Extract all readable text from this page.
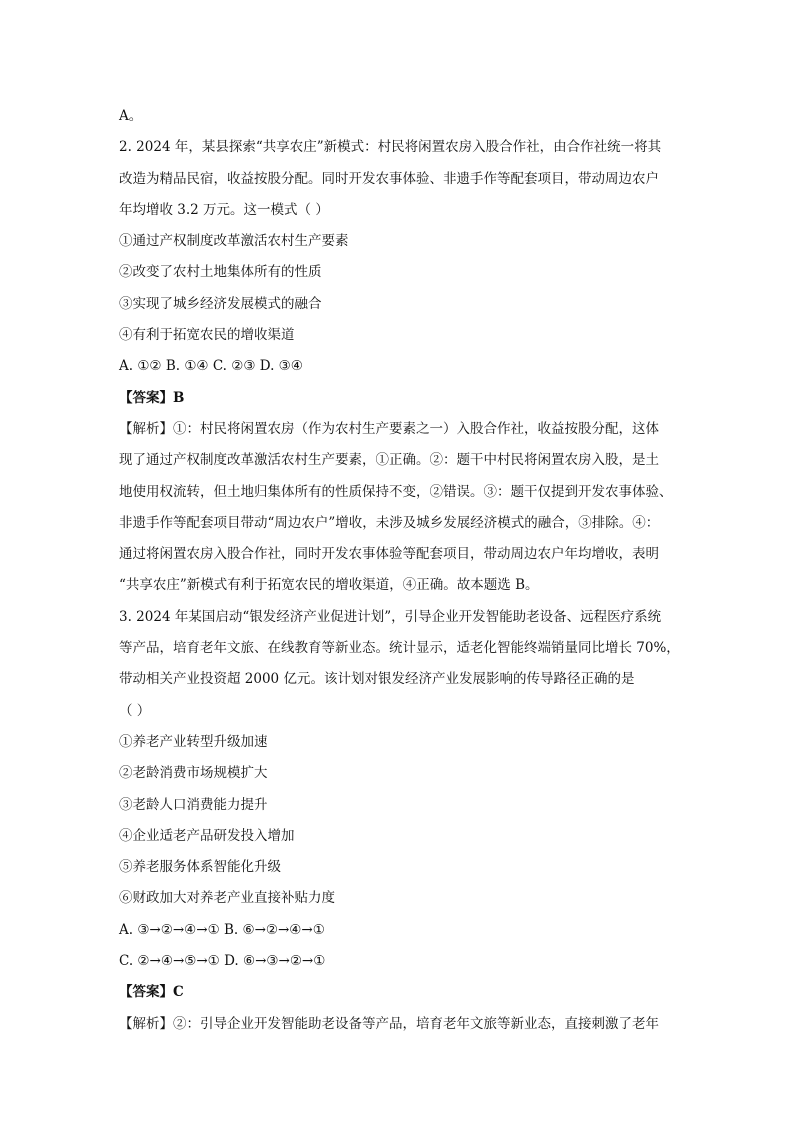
A。
2. 2024 年，某县探索“共享农庄”新模式：村民将闲置农房入股合作社，由合作社统一将其
改造为精品民宿，收益按股分配。同时开发农事体验、非遗手作等配套项目，带动周边农户
年均增收 3.2 万元。这一模式（ ）
①通过产权制度改革激活农村生产要素
②改变了农村土地集体所有的性质
③实现了城乡经济发展模式的融合
④有利于拓宽农民的增收渠道
A. ①② B. ①④ C. ②③ D. ③④
【答案】B
【解析】①：村民将闲置农房（作为农村生产要素之一）入股合作社，收益按股分配，这体
现了通过产权制度改革激活农村生产要素，①正确。②：题干中村民将闲置农房入股，是土
地使用权流转，但土地归集体所有的性质保持不变，②错误。③：题干仅提到开发农事体验、
非遗手作等配套项目带动“周边农户”增收，未涉及城乡发展经济模式的融合，③排除。④：
通过将闲置农房入股合作社，同时开发农事体验等配套项目，带动周边农户年均增收，表明
“共享农庄”新模式有利于拓宽农民的增收渠道，④正确。故本题选 B。
3. 2024 年某国启动“银发经济产业促进计划”，引导企业开发智能助老设备、远程医疗系统
等产品，培育老年文旅、在线教育等新业态。统计显示，适老化智能终端销量同比增长 70%，
带动相关产业投资超 2000 亿元。该计划对银发经济产业发展影响的传导路径正确的是
（ ）
①养老产业转型升级加速
②老龄消费市场规模扩大
③老龄人口消费能力提升
④企业适老产品研发投入增加
⑤养老服务体系智能化升级
⑥财政加大对养老产业直接补贴力度
A. ③→②→④→① B. ⑥→②→④→①
C. ②→④→⑤→① D. ⑥→③→②→①
【答案】C
【解析】②：引导企业开发智能助老设备等产品，培育老年文旅等新业态，直接刺激了老年
